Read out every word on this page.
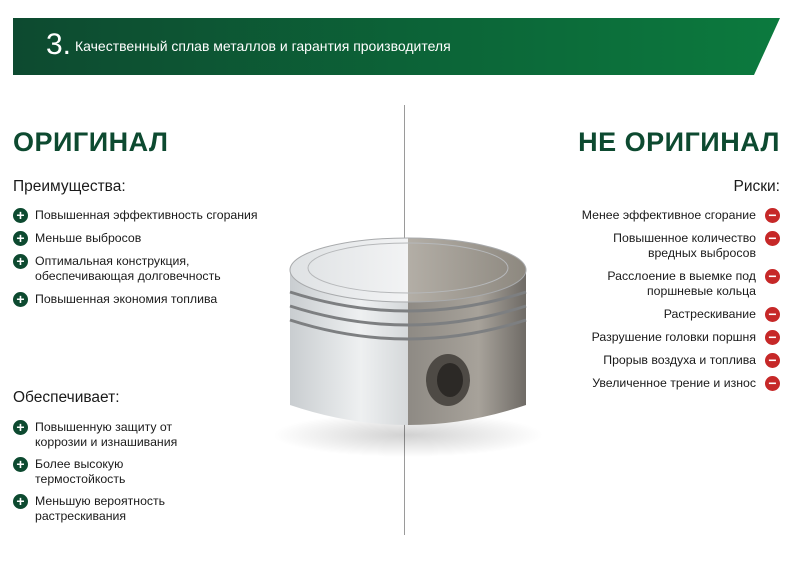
3. Качественный сплав металлов и гарантия производителя
ОРИГИНАЛ
Преимущества:
+ Повышенная эффективность сгорания
+ Меньше выбросов
+ Оптимальная конструкция, обеспечивающая долговечность
+ Повышенная экономия топлива
Обеспечивает:
+ Повышенную защиту от коррозии и изнашивания
+ Более высокую термостойкость
+ Меньшую вероятность растрескивания
НЕ ОРИГИНАЛ
Риски:
−
Менее эффективное сгорание
−
Повышенное количество вредных выбросов
−
Расслоение в выемке под поршневые кольца
−
Растрескивание
−
Разрушение головки поршня
−
Прорыв воздуха и топлива
−
Увеличенное трение и износ
